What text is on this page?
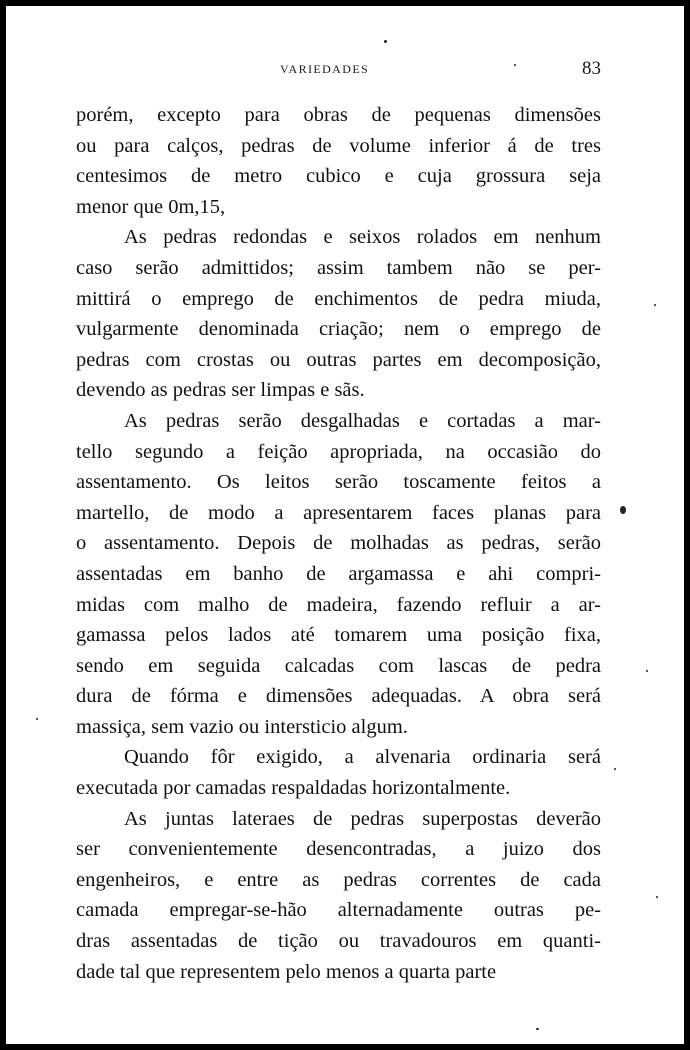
VARIEDADES	83

porém, excepto para obras de pequenas dimensões
ou para calços, pedras de volume inferior á de tres
centesimos de metro cubico e cuja grossura seja
menor que 0m,15,

As pedras redondas e seixos rolados em nenhum
caso serão admittidos; assim tambem não se per-
mittirá o emprego de enchimentos de pedra miuda,
vulgarmente denominada criação; nem o emprego de
pedras com crostas ou outras partes em decomposição,
devendo as pedras ser limpas e sãs.

As pedras serão desgalhadas e cortadas a mar-
tello segundo a feição apropriada, na occasião do
assentamento. Os leitos serão toscamente feitos a
martello, de modo a apresentarem faces planas para
o assentamento. Depois de molhadas as pedras, serão
assentadas em banho de argamassa e ahi compri-
midas com malho de madeira, fazendo refluir a ar-
gamassa pelos lados até tomarem uma posição fixa,
sendo em seguida calcadas com lascas de pedra
dura de fórma e dimensões adequadas. A obra será
massiça, sem vazio ou intersticio algum.

Quando fôr exigido, a alvenaria ordinaria será
executada por camadas respaldadas horizontalmente.

As juntas lateraes de pedras superpostas deverão
ser convenientemente desencontradas, a juizo dos
engenheiros, e entre as pedras correntes de cada
camada empregar-se-hão alternadamente outras pe-
dras assentadas de tição ou travadouros em quanti-
dade tal que representem pelo menos a quarta parte
